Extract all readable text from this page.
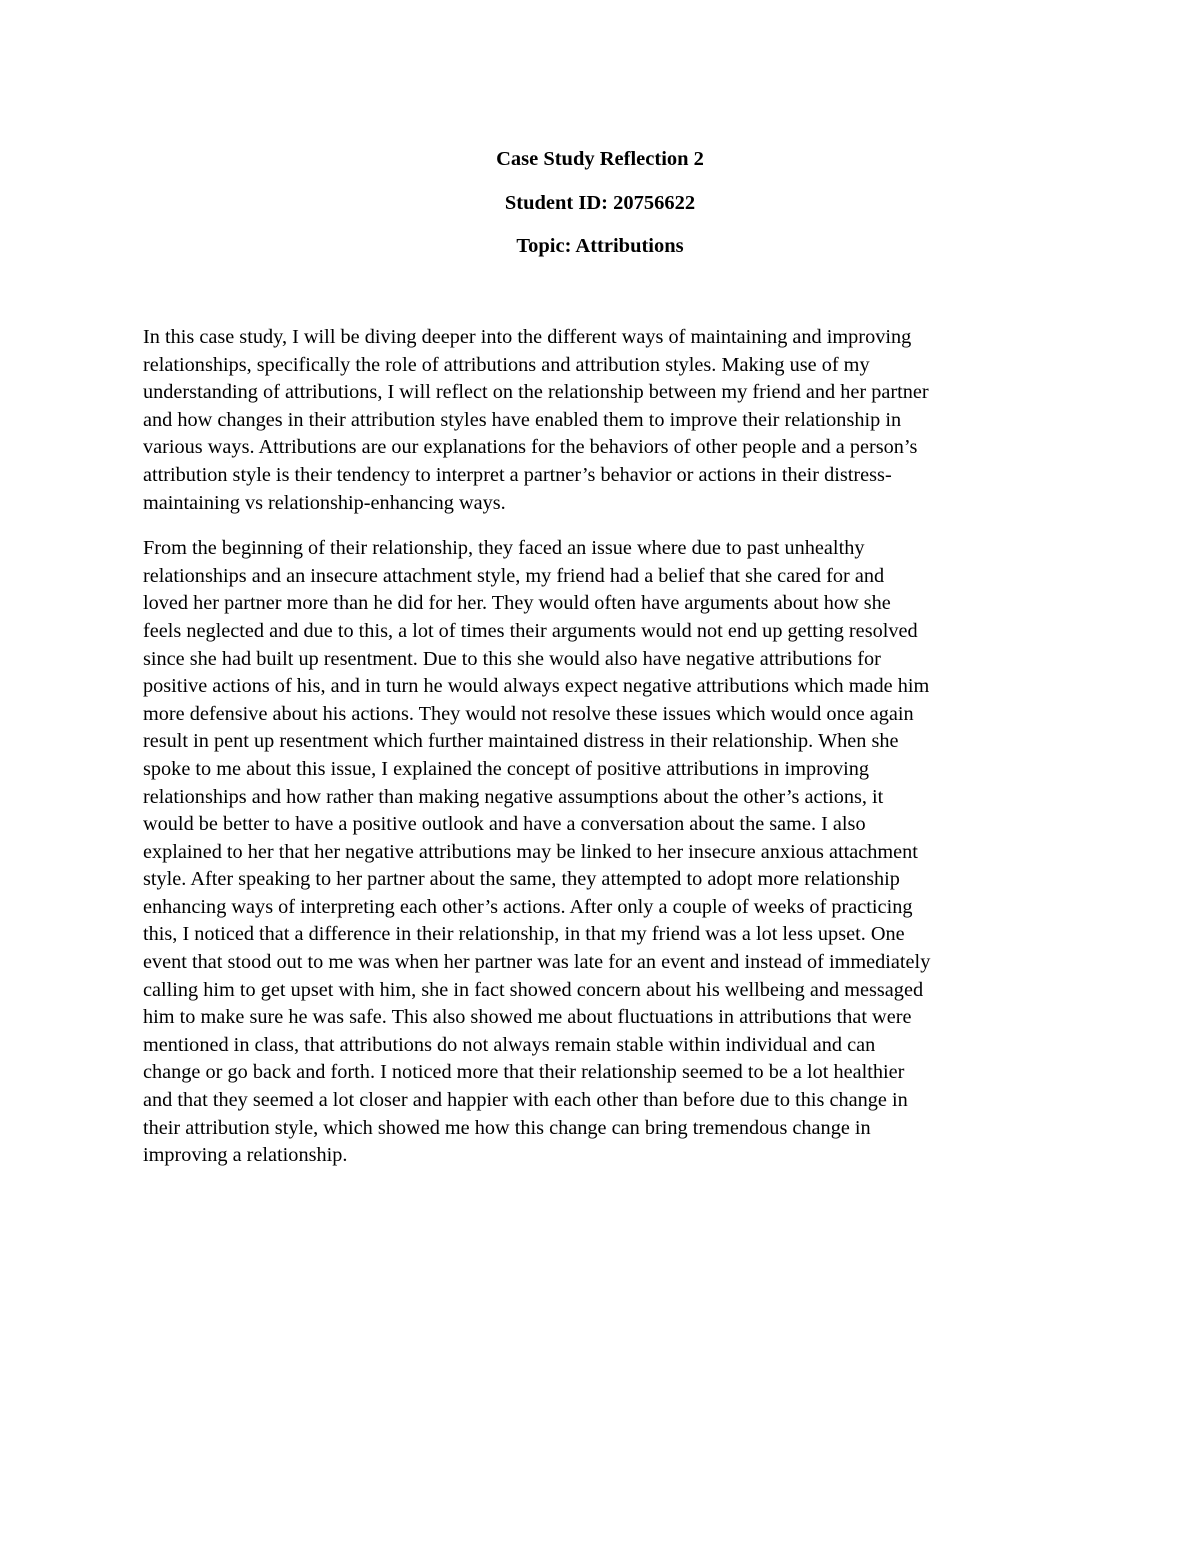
Case Study Reflection 2
Student ID: 20756622
Topic: Attributions
In this case study, I will be diving deeper into the different ways of maintaining and improving
relationships, specifically the role of attributions and attribution styles. Making use of my
understanding of attributions, I will reflect on the relationship between my friend and her partner
and how changes in their attribution styles have enabled them to improve their relationship in
various ways. Attributions are our explanations for the behaviors of other people and a person’s
attribution style is their tendency to interpret a partner’s behavior or actions in their distress-
maintaining vs relationship-enhancing ways.
From the beginning of their relationship, they faced an issue where due to past unhealthy
relationships and an insecure attachment style, my friend had a belief that she cared for and
loved her partner more than he did for her. They would often have arguments about how she
feels neglected and due to this, a lot of times their arguments would not end up getting resolved
since she had built up resentment. Due to this she would also have negative attributions for
positive actions of his, and in turn he would always expect negative attributions which made him
more defensive about his actions. They would not resolve these issues which would once again
result in pent up resentment which further maintained distress in their relationship. When she
spoke to me about this issue, I explained the concept of positive attributions in improving
relationships and how rather than making negative assumptions about the other’s actions, it
would be better to have a positive outlook and have a conversation about the same. I also
explained to her that her negative attributions may be linked to her insecure anxious attachment
style. After speaking to her partner about the same, they attempted to adopt more relationship
enhancing ways of interpreting each other’s actions. After only a couple of weeks of practicing
this, I noticed that a difference in their relationship, in that my friend was a lot less upset. One
event that stood out to me was when her partner was late for an event and instead of immediately
calling him to get upset with him, she in fact showed concern about his wellbeing and messaged
him to make sure he was safe. This also showed me about fluctuations in attributions that were
mentioned in class, that attributions do not always remain stable within individual and can
change or go back and forth. I noticed more that their relationship seemed to be a lot healthier
and that they seemed a lot closer and happier with each other than before due to this change in
their attribution style, which showed me how this change can bring tremendous change in
improving a relationship.
